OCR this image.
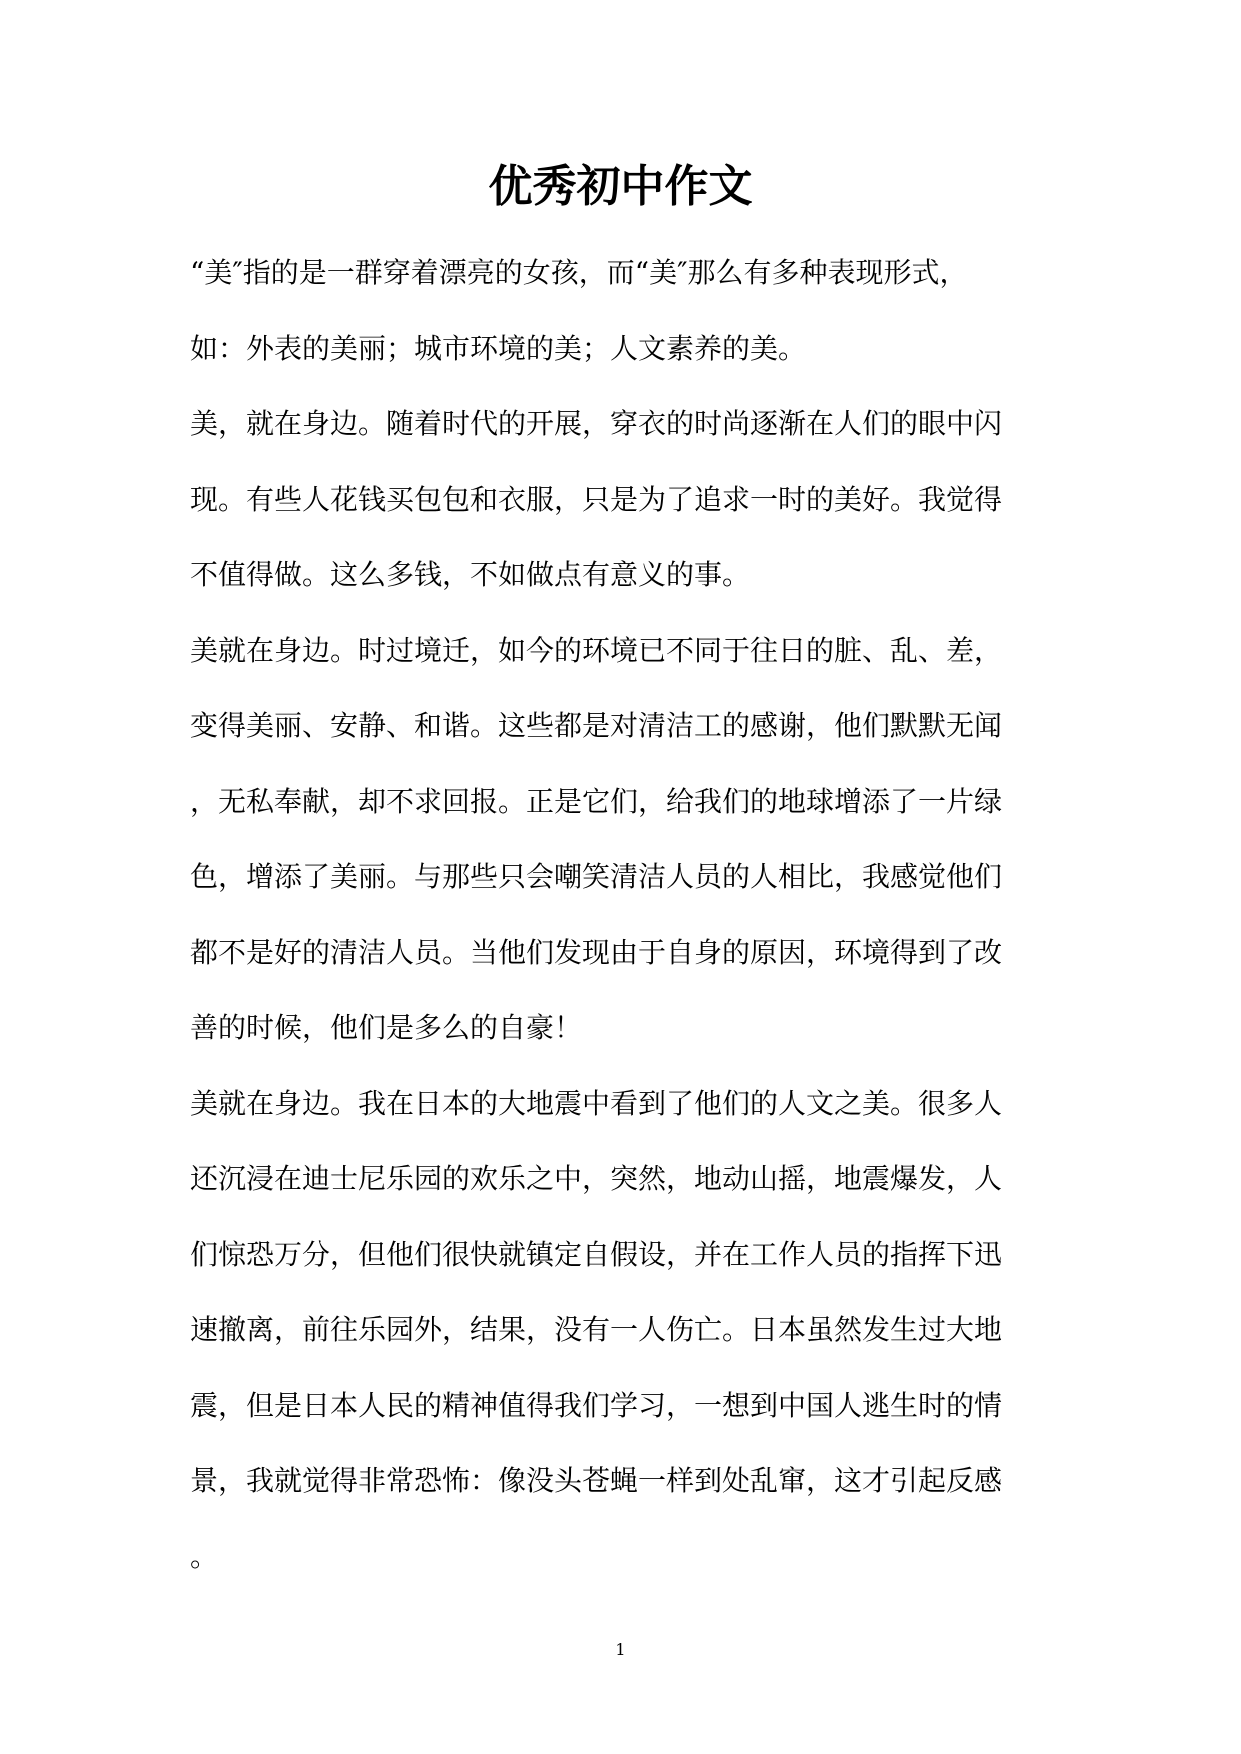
优秀初中作文
“美″指的是一群穿着漂亮的女孩，而“美″那么有多种表现形式，
如：外表的美丽；城市环境的美；人文素养的美。
美，就在身边。随着时代的开展，穿衣的时尚逐渐在人们的眼中闪
现。有些人花钱买包包和衣服，只是为了追求一时的美好。我觉得
不值得做。这么多钱，不如做点有意义的事。
美就在身边。时过境迁，如今的环境已不同于往日的脏、乱、差，
变得美丽、安静、和谐。这些都是对清洁工的感谢，他们默默无闻
，无私奉献，却不求回报。正是它们，给我们的地球增添了一片绿
色，增添了美丽。与那些只会嘲笑清洁人员的人相比，我感觉他们
都不是好的清洁人员。当他们发现由于自身的原因，环境得到了改
善的时候，他们是多么的自豪！
美就在身边。我在日本的大地震中看到了他们的人文之美。很多人
还沉浸在迪士尼乐园的欢乐之中，突然，地动山摇，地震爆发，人
们惊恐万分，但他们很快就镇定自假设，并在工作人员的指挥下迅
速撤离，前往乐园外，结果，没有一人伤亡。日本虽然发生过大地
震，但是日本人民的精神值得我们学习，一想到中国人逃生时的情
景，我就觉得非常恐怖：像没头苍蝇一样到处乱窜，这才引起反感
。
1
